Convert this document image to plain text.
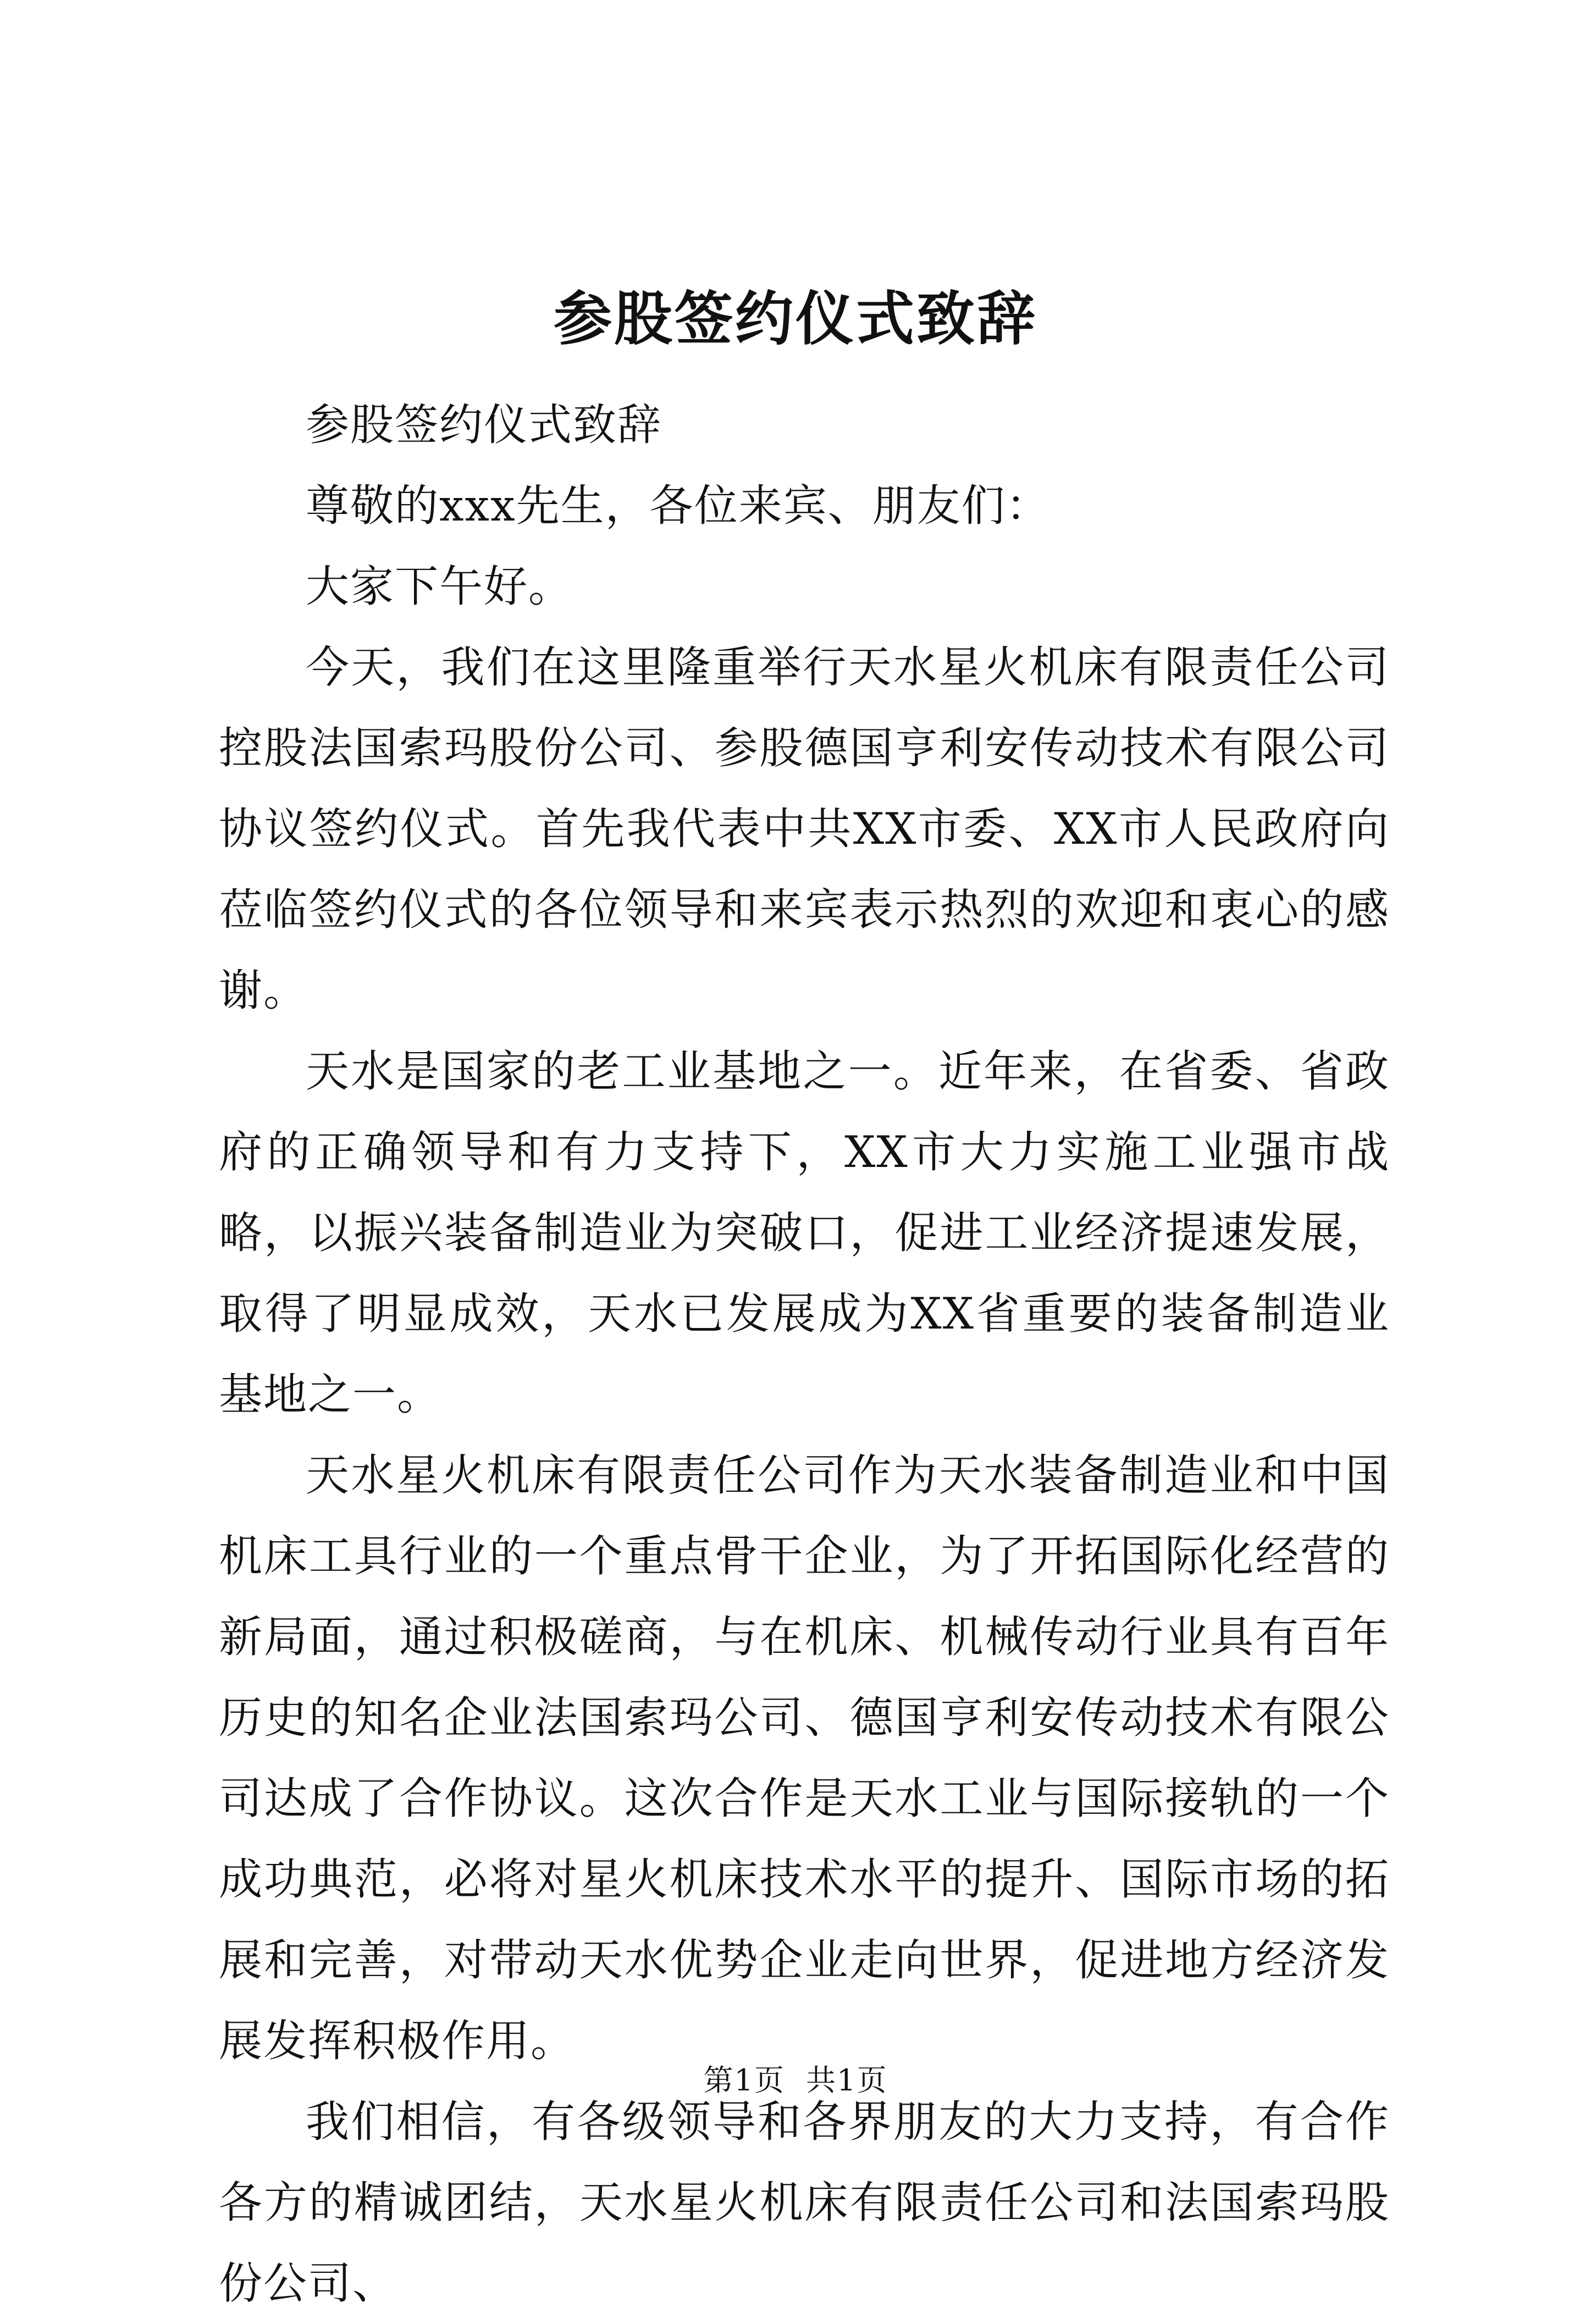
参股签约仪式致辞

参股签约仪式致辞

尊敬的xxx先生，各位来宾、朋友们：

大家下午好。

今天，我们在这里隆重举行天水星火机床有限责任公司控股法国索玛股份公司、参股德国亨利安传动技术有限公司协议签约仪式。首先我代表中共XX市委、XX市人民政府向莅临签约仪式的各位领导和来宾表示热烈的欢迎和衷心的感谢。

天水是国家的老工业基地之一。近年来，在省委、省政府的正确领导和有力支持下，XX市大力实施工业强市战略，以振兴装备制造业为突破口，促进工业经济提速发展，取得了明显成效，天水已发展成为XX省重要的装备制造业基地之一。

天水星火机床有限责任公司作为天水装备制造业和中国机床工具行业的一个重点骨干企业，为了开拓国际化经营的新局面，通过积极磋商，与在机床、机械传动行业具有百年历史的知名企业法国索玛公司、德国亨利安传动技术有限公司达成了合作协议。这次合作是天水工业与国际接轨的一个成功典范，必将对星火机床技术水平的提升、国际市场的拓展和完善，对带动天水优势企业走向世界，促进地方经济发展发挥积极作用。

我们相信，有各级领导和各界朋友的大力支持，有合作各方的精诚团结，天水星火机床有限责任公司和法国索玛股份公司、

第1页 共1页
